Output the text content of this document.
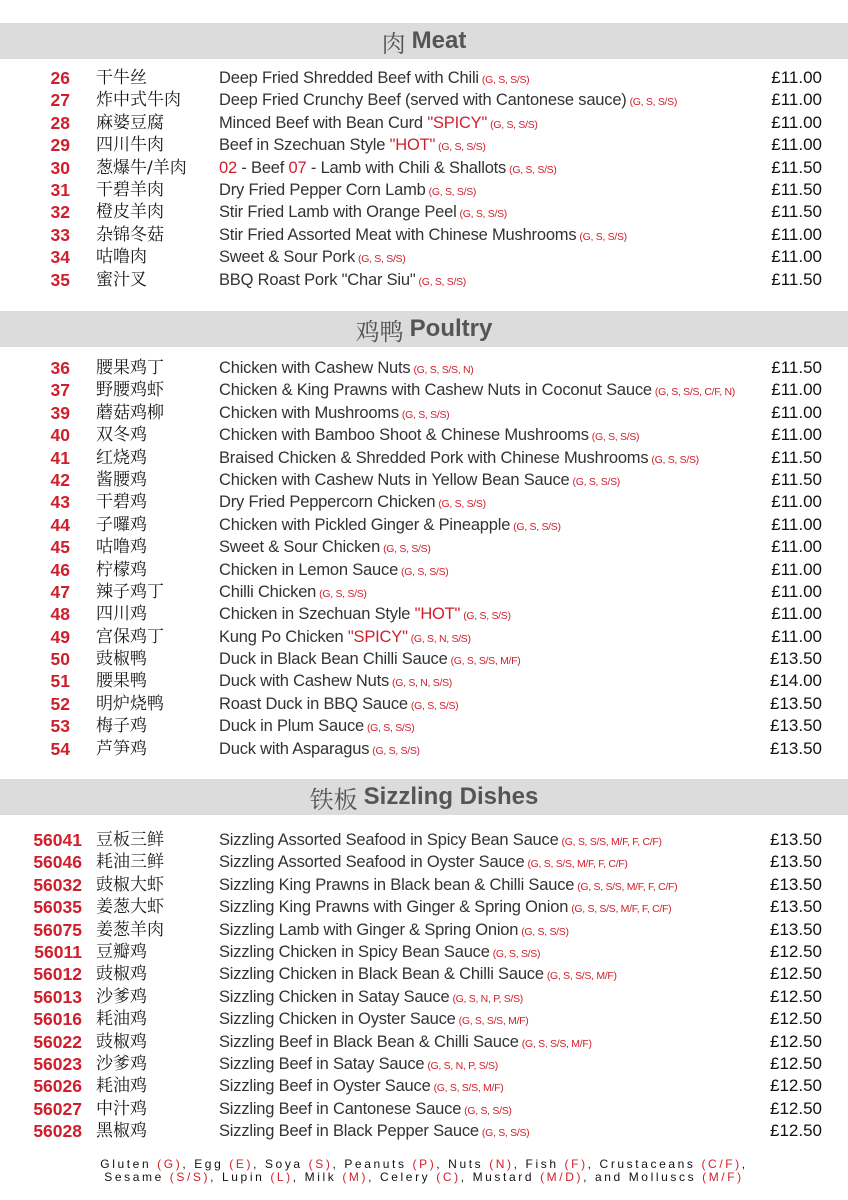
肉 Meat
26 干牛丝	Deep Fried Shredded Beef with Chili (G, S, S/S)	£11.00
27 炸中式牛肉 Deep Fried Crunchy Beef (served with Cantonese sauce) (G, S, S/S)	£11.00
28 麻婆豆腐	Minced Beef with Bean Curd "SPICY" (G, S, S/S)	£11.00
29 四川牛肉	Beef in Szechuan Style "HOT" (G, S, S/S)	£11.00
30 葱爆牛/羊肉 02 - Beef 07 - Lamb with Chili & Shallots (G, S, S/S)	£11.50
31 干碧羊肉	Dry Fried Pepper Corn Lamb (G, S, S/S)	£11.50
32 橙皮羊肉	Stir Fried Lamb with Orange Peel (G, S, S/S)	£11.50
33 杂锦冬菇	Stir Fried Assorted Meat with Chinese Mushrooms (G, S, S/S)	£11.00
34 咕噜肉	Sweet & Sour Pork (G, S, S/S)	£11.00
35 蜜汁叉	BBQ Roast Pork "Char Siu" (G, S, S/S)	£11.50
鸡鸭 Poultry
36 腰果鸡丁	Chicken with Cashew Nuts (G, S, S/S, N)	£11.50
37 野腰鸡虾	Chicken & King Prawns with Cashew Nuts in Coconut Sauce (G, S, S/S, C/F, N) £11.00
39 蘑菇鸡柳	Chicken with Mushrooms (G, S, S/S)	£11.00
40 双冬鸡	Chicken with Bamboo Shoot & Chinese Mushrooms (G, S, S/S)	£11.00
41 红烧鸡	Braised Chicken & Shredded Pork with Chinese Mushrooms (G, S, S/S)	£11.50
42 酱腰鸡	Chicken with Cashew Nuts in Yellow Bean Sauce (G, S, S/S)	£11.50
43 干碧鸡	Dry Fried Peppercorn Chicken (G, S, S/S)	£11.00
44 子囉鸡	Chicken with Pickled Ginger & Pineapple (G, S, S/S)	£11.00
45 咕噜鸡	Sweet & Sour Chicken (G, S, S/S)	£11.00
46 柠檬鸡	Chicken in Lemon Sauce (G, S, S/S)	£11.00
47 辣子鸡丁	Chilli Chicken (G, S, S/S)	£11.00
48 四川鸡	Chicken in Szechuan Style "HOT" (G, S, S/S)	£11.00
49 宫保鸡丁	Kung Po Chicken "SPICY" (G, S, N, S/S)	£11.00
50 豉椒鸭	Duck in Black Bean Chilli Sauce (G, S, S/S, M/F)	£13.50
51 腰果鸭	Duck with Cashew Nuts (G, S, N, S/S)	£14.00
52 明炉烧鸭	Roast Duck in BBQ Sauce (G, S, S/S)	£13.50
53 梅子鸡	Duck in Plum Sauce (G, S, S/S)	£13.50
54 芦笋鸡	Duck with Asparagus (G, S, S/S)	£13.50
铁板 Sizzling Dishes
56041 豆板三鲜	Sizzling Assorted Seafood in Spicy Bean Sauce (G, S, S/S, M/F, F, C/F)	£13.50
56046 耗油三鲜	Sizzling Assorted Seafood in Oyster Sauce (G, S, S/S, M/F, F, C/F)	£13.50
56032 豉椒大虾	Sizzling King Prawns in Black bean & Chilli Sauce (G, S, S/S, M/F, F, C/F)	£13.50
56035 姜葱大虾	Sizzling King Prawns with Ginger & Spring Onion (G, S, S/S, M/F, F, C/F)	£13.50
56075 姜葱羊肉	Sizzling Lamb with Ginger & Spring Onion (G, S, S/S)	£13.50
56011 豆瓣鸡	Sizzling Chicken in Spicy Bean Sauce (G, S, S/S)	£12.50
56012 豉椒鸡	Sizzling Chicken in Black Bean & Chilli Sauce (G, S, S/S, M/F)	£12.50
56013 沙爹鸡	Sizzling Chicken in Satay Sauce (G, S, N, P, S/S)	£12.50
56016 耗油鸡	Sizzling Chicken in Oyster Sauce (G, S, S/S, M/F)	£12.50
56022 豉椒鸡	Sizzling Beef in Black Bean & Chilli Sauce (G, S, S/S, M/F)	£12.50
56023 沙爹鸡	Sizzling Beef in Satay Sauce (G, S, N, P, S/S)	£12.50
56026 耗油鸡	Sizzling Beef in Oyster Sauce (G, S, S/S, M/F)	£12.50
56027 中汁鸡	Sizzling Beef in Cantonese Sauce (G, S, S/S)	£12.50
56028 黑椒鸡	Sizzling Beef in Black Pepper Sauce (G, S, S/S)	£12.50
Gluten (G), Egg (E), Soya (S), Peanuts (P), Nuts (N), Fish (F), Crustaceans (C/F),
Sesame (S/S), Lupin (L), Milk (M), Celery (C), Mustard (M/D), and Molluscs (M/F)
